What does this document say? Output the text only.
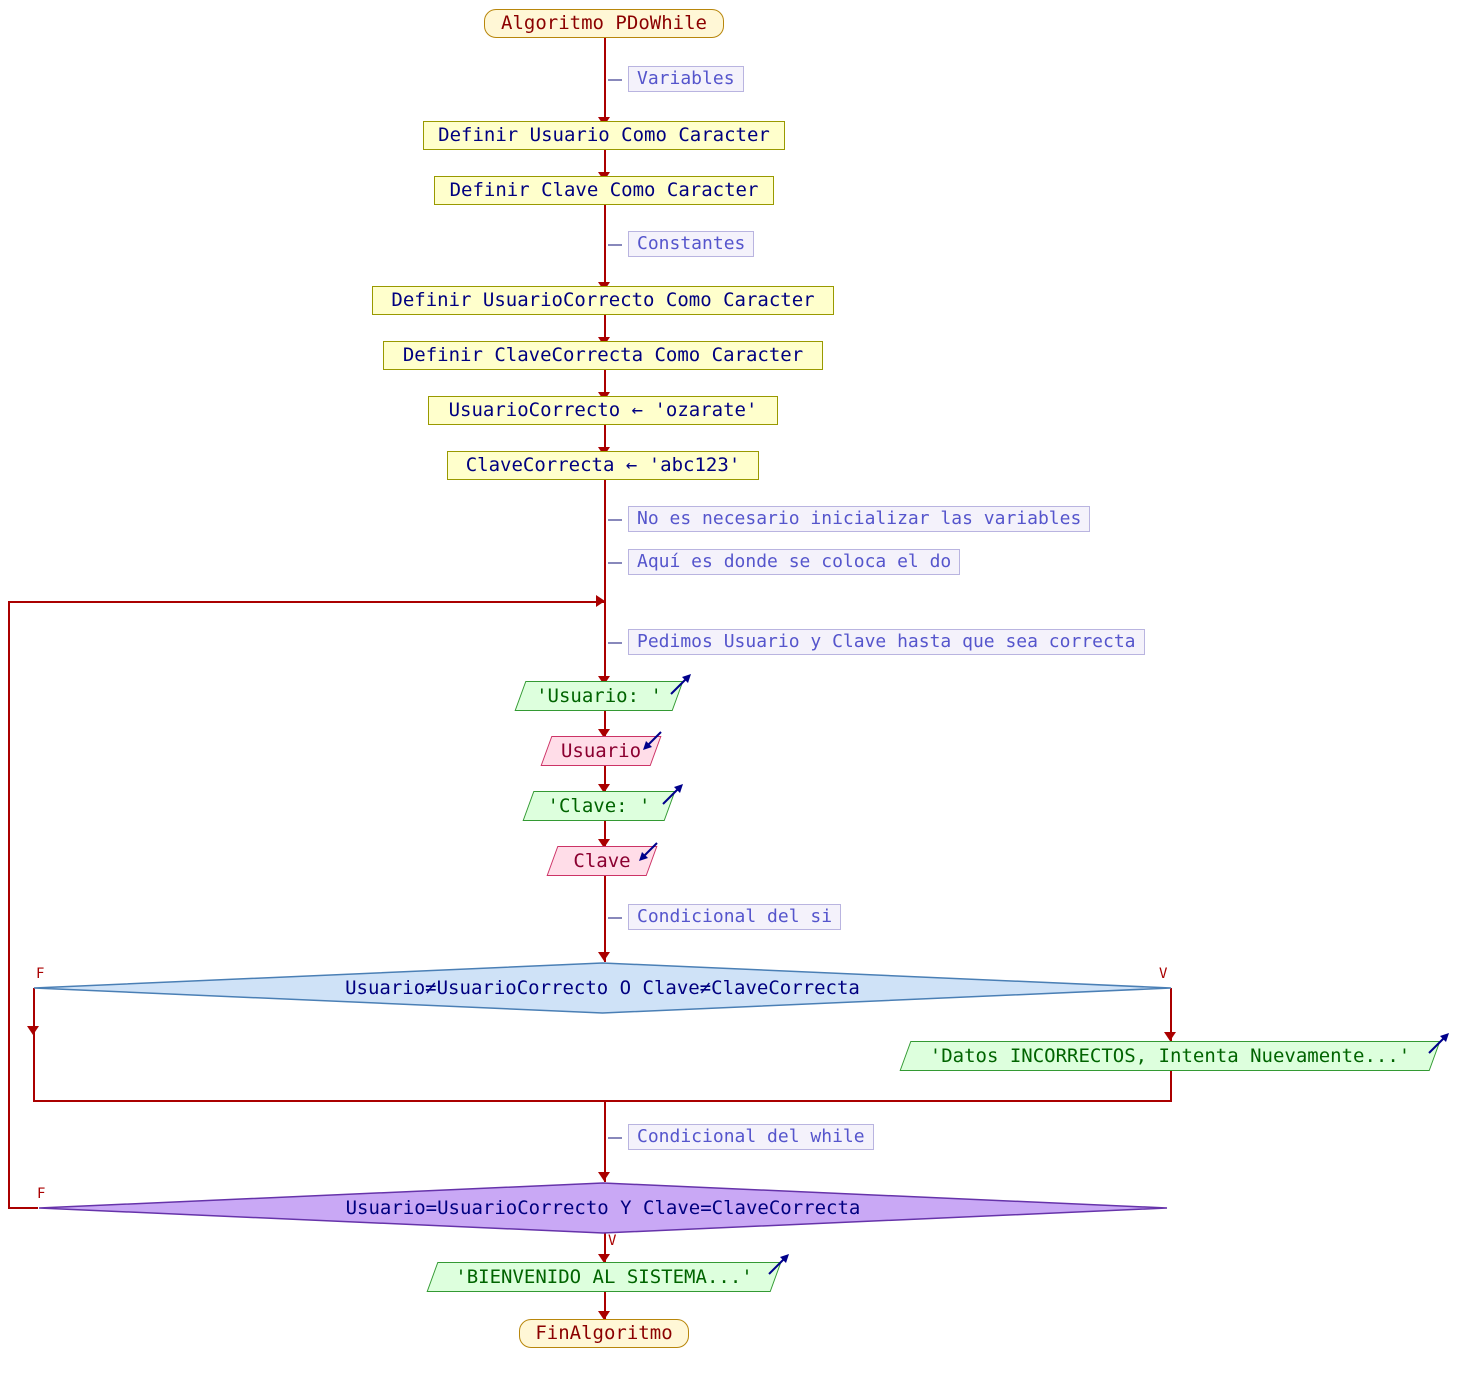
Algoritmo PDoWhile
Variables
Definir Usuario Como Caracter
Definir Clave Como Caracter
Constantes
Definir UsuarioCorrecto Como Caracter
Definir ClaveCorrecta Como Caracter
UsuarioCorrecto ← 'ozarate'
ClaveCorrecta ← 'abc123'
No es necesario inicializar las variables
Aquí es donde se coloca el do
Pedimos Usuario y Clave hasta que sea correcta
'Usuario: '
Usuario
'Clave: '
Clave
Condicional del si
Usuario≠UsuarioCorrecto O Clave≠ClaveCorrecta
F	V
'Datos INCORRECTOS, Intenta Nuevamente...'
Condicional del while
Usuario=UsuarioCorrecto Y Clave=ClaveCorrecta
F
V
'BIENVENIDO AL SISTEMA...'
FinAlgoritmo
